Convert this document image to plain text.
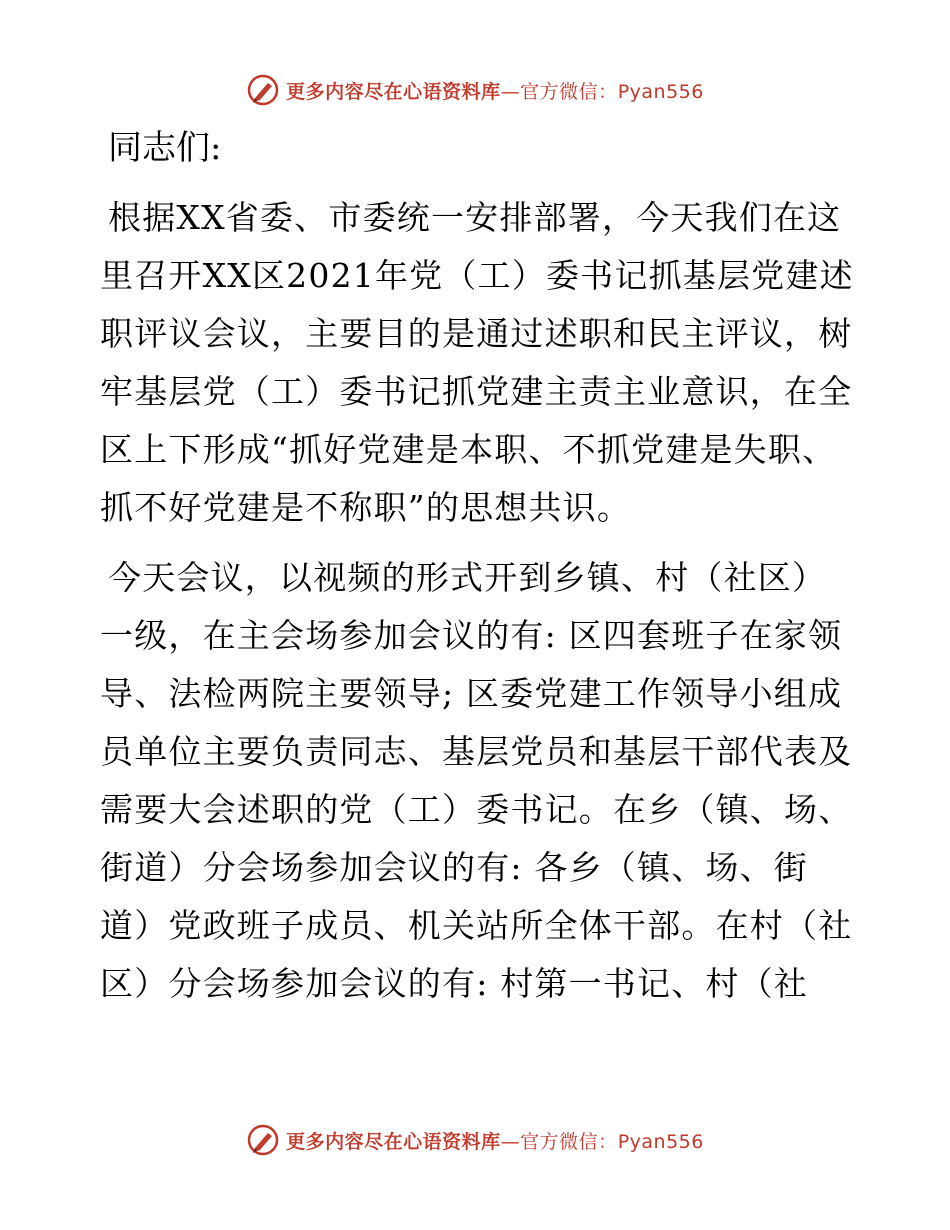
更多内容尽在心语资料库—官方微信：Pyan556
同志们:
根据XX省委、市委统一安排部署，今天我们在这
里召开XX区2021年党（工）委书记抓基层党建述
职评议会议，主要目的是通过述职和民主评议，树
牢基层党（工）委书记抓党建主责主业意识，在全
区上下形成“抓好党建是本职、不抓党建是失职、
抓不好党建是不称职”的思想共识。
今天会议，以视频的形式开到乡镇、村（社区）
一级，在主会场参加会议的有: 区四套班子在家领
导、法检两院主要领导; 区委党建工作领导小组成
员单位主要负责同志、基层党员和基层干部代表及
需要大会述职的党（工）委书记。在乡（镇、场、
街道）分会场参加会议的有: 各乡（镇、场、街
道）党政班子成员、机关站所全体干部。在村（社
区）分会场参加会议的有: 村第一书记、村（社
更多内容尽在心语资料库—官方微信：Pyan556
